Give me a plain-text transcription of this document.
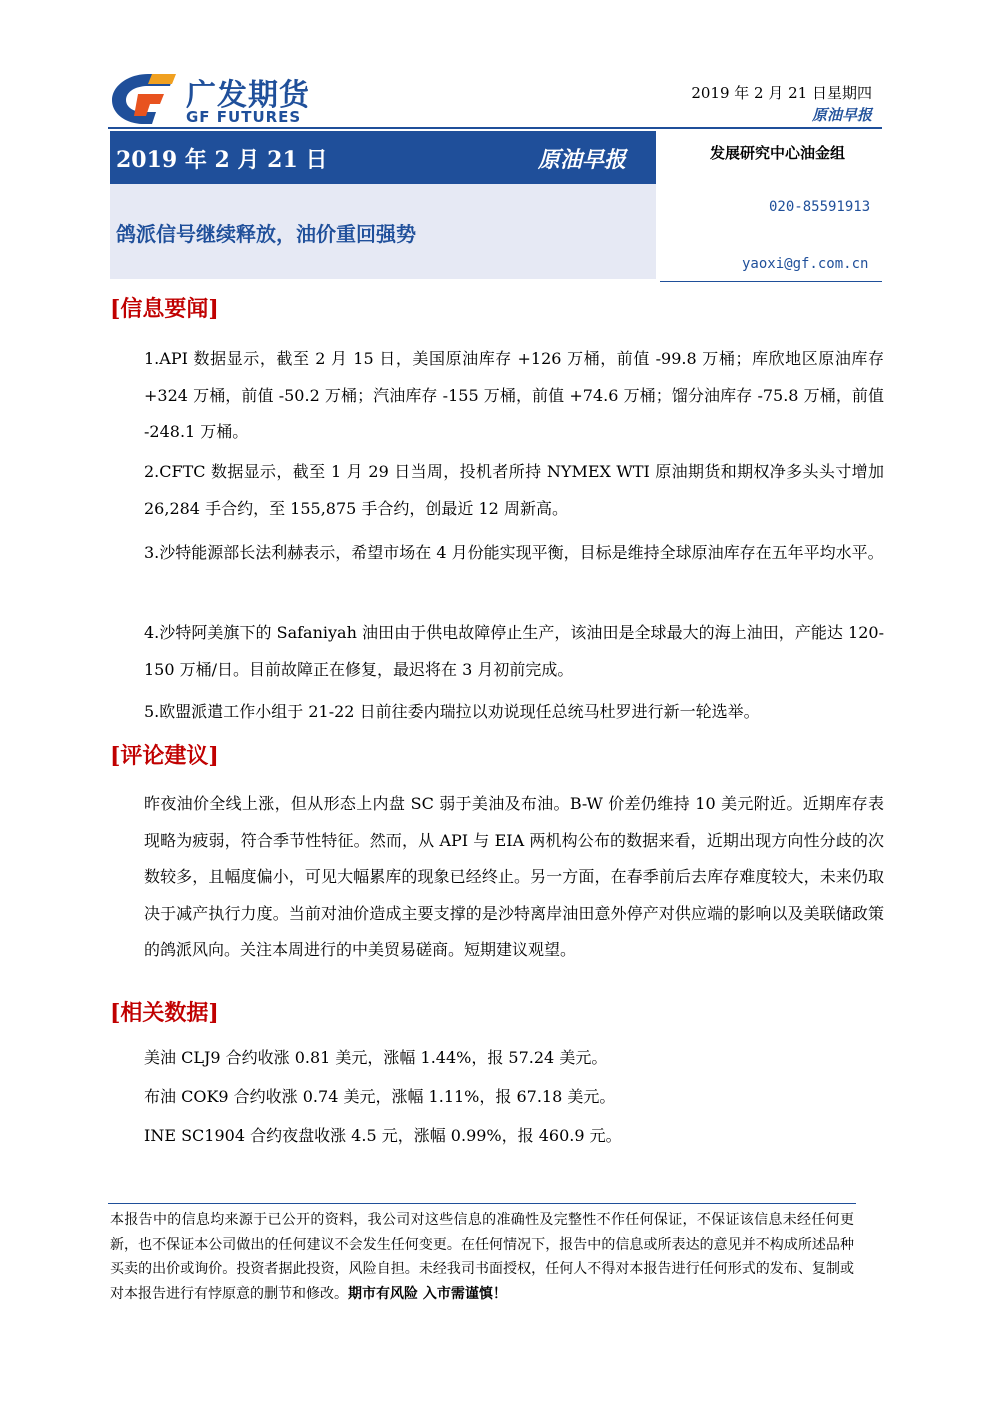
广发期货
GF FUTURES
2019 年 2 月 21 日星期四
原油早报
2019 年 2 月 21 日	原油早报
鸽派信号继续释放，油价重回强势
发展研究中心油金组
020-85591913
yaoxi@gf.com.cn
[信息要闻]
1.API 数据显示，截至 2 月 15 日，美国原油库存 +126 万桶，前值 -99.8 万桶；库欣地区原油库存 +324 万桶，前值 -50.2 万桶；汽油库存 -155 万桶，前值 +74.6 万桶；馏分油库存 -75.8 万桶，前值 -248.1 万桶。
2.CFTC 数据显示，截至 1 月 29 日当周，投机者所持 NYMEX WTI 原油期货和期权净多头头寸增加 26,284 手合约，至 155,875 手合约，创最近 12 周新高。
3.沙特能源部长法利赫表示，希望市场在 4 月份能实现平衡，目标是维持全球原油库存在五年平均水平。
4.沙特阿美旗下的 Safaniyah 油田由于供电故障停止生产，该油田是全球最大的海上油田，产能达 120-150 万桶/日。目前故障正在修复，最迟将在 3 月初前完成。
5.欧盟派遣工作小组于 21-22 日前往委内瑞拉以劝说现任总统马杜罗进行新一轮选举。
[评论建议]
昨夜油价全线上涨，但从形态上内盘 SC 弱于美油及布油。B-W 价差仍维持 10 美元附近。近期库存表现略为疲弱，符合季节性特征。然而，从 API 与 EIA 两机构公布的数据来看，近期出现方向性分歧的次数较多，且幅度偏小，可见大幅累库的现象已经终止。另一方面，在春季前后去库存难度较大，未来仍取决于减产执行力度。当前对油价造成主要支撑的是沙特离岸油田意外停产对供应端的影响以及美联储政策的鸽派风向。关注本周进行的中美贸易磋商。短期建议观望。
[相关数据]
美油 CLJ9 合约收涨 0.81 美元，涨幅 1.44%，报 57.24 美元。
布油 COK9 合约收涨 0.74 美元，涨幅 1.11%，报 67.18 美元。
INE SC1904 合约夜盘收涨 4.5 元，涨幅 0.99%，报 460.9 元。
本报告中的信息均来源于已公开的资料，我公司对这些信息的准确性及完整性不作任何保证，不保证该信息未经任何更新，也不保证本公司做出的任何建议不会发生任何变更。在任何情况下，报告中的信息或所表达的意见并不构成所述品种买卖的出价或询价。投资者据此投资，风险自担。未经我司书面授权，任何人不得对本报告进行任何形式的发布、复制或对本报告进行有悖原意的删节和修改。期市有风险 入市需谨慎！
